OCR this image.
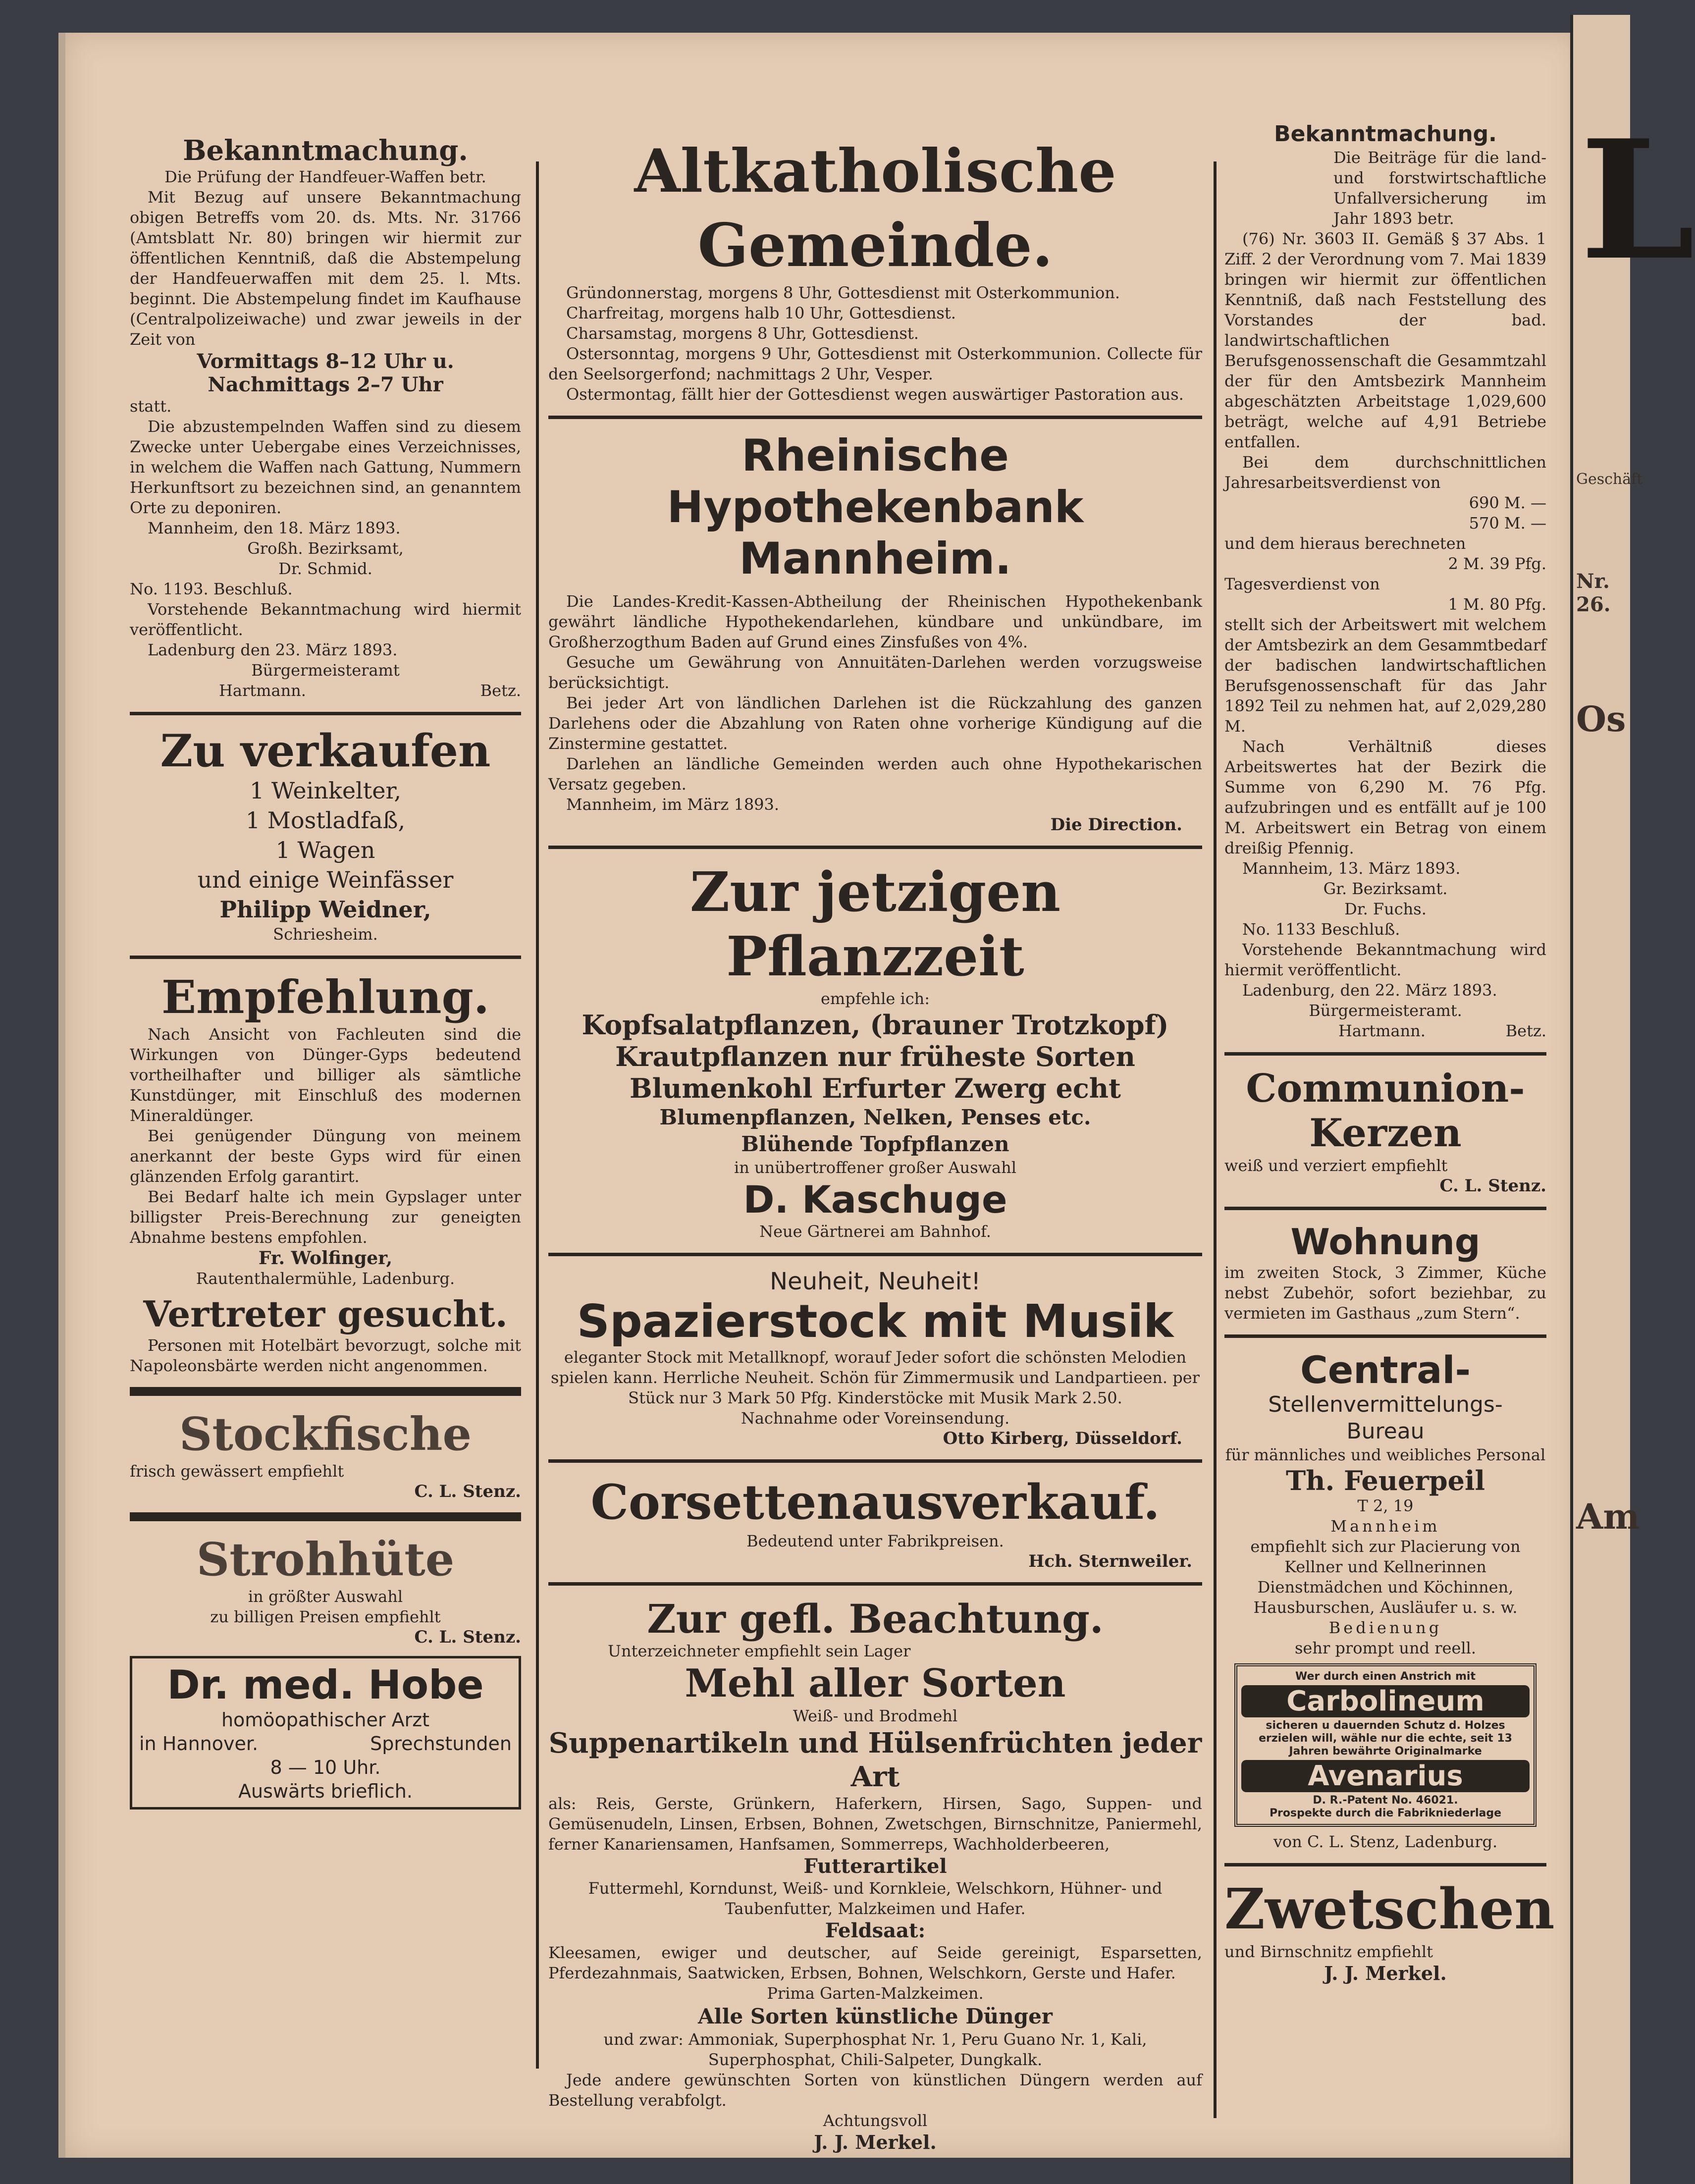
Bekanntmachung.

Die Prüfung der Handfeuer-Waffen betr.

Mit Bezug auf unsere Bekanntmachung obigen Betreffs vom 20. ds. Mts. Nr. 31766 (Amtsblatt Nr. 80) bringen wir hiermit zur öffentlichen Kenntniß, daß die Abstempelung der Handfeuerwaffen mit dem 25. l. Mts. beginnt. Die Abstempelung findet im Kaufhause (Centralpolizeiwache) und zwar jeweils in der Zeit von

Vormittags 8–12 Uhr u.

Nachmittags 2–7 Uhr

statt.

Die abzustempelnden Waffen sind zu diesem Zwecke unter Uebergabe eines Verzeichnisses, in welchem die Waffen nach Gattung, Nummern Herkunftsort zu bezeichnen sind, an genanntem Orte zu deponiren.

Mannheim, den 18. März 1893.

Großh. Bezirksamt,

Dr. Schmid.

No. 1193. Beschluß.

Vorstehende Bekanntmachung wird hiermit veröffentlicht.

Ladenburg den 23. März 1893.

Bürgermeisteramt

Hartmann.	Betz.

Zu verkaufen

1 Weinkelter,

1 Mostladfaß,

1 Wagen

und einige Weinfässer

Philipp Weidner,

Schriesheim.

Empfehlung.

Nach Ansicht von Fachleuten sind die Wirkungen von Dünger-Gyps bedeutend vortheilhafter und billiger als sämtliche Kunstdünger, mit Einschluß des modernen Mineraldünger.

Bei genügender Düngung von meinem anerkannt der beste Gyps wird für einen glänzenden Erfolg garantirt.

Bei Bedarf halte ich mein Gypslager unter billigster Preis-Berechnung zur geneigten Abnahme bestens empfohlen.

Fr. Wolfinger,

Rautenthalermühle, Ladenburg.

Vertreter gesucht.

Personen mit Hotelbärt bevorzugt, solche mit Napoleonsbärte werden nicht angenommen.

Stockfische

frisch gewässert empfiehlt

C. L. Stenz.

Strohhüte

in größter Auswahl

zu billigen Preisen empfiehlt

C. L. Stenz.

Dr. med. Hobe

homöopathischer Arzt

in Hannover.	Sprechstunden

8 — 10 Uhr.

Auswärts brieflich.

Altkatholische Gemeinde.

Gründonnerstag, morgens 8 Uhr, Gottesdienst mit Osterkommunion.

Charfreitag, morgens halb 10 Uhr, Gottesdienst.

Charsamstag, morgens 8 Uhr, Gottesdienst.

Ostersonntag, morgens 9 Uhr, Gottesdienst mit Osterkommunion. Collecte für den Seelsorgerfond; nachmittags 2 Uhr, Vesper.

Ostermontag, fällt hier der Gottesdienst wegen auswärtiger Pastoration aus.

Rheinische Hypothekenbank

Mannheim.

Die Landes-Kredit-Kassen-Abtheilung der Rheinischen Hypothekenbank gewährt ländliche Hypothekendarlehen, kündbare und unkündbare, im Großherzogthum Baden auf Grund eines Zinsfußes von 4%.

Gesuche um Gewährung von Annuitäten-Darlehen werden vorzugsweise berücksichtigt.

Bei jeder Art von ländlichen Darlehen ist die Rückzahlung des ganzen Darlehens oder die Abzahlung von Raten ohne vorherige Kündigung auf die Zinstermine gestattet.

Darlehen an ländliche Gemeinden werden auch ohne Hypothekarischen Versatz gegeben.

Mannheim, im März 1893.

Die Direction.

Zur jetzigen Pflanzzeit

empfehle ich:

Kopfsalatpflanzen, (brauner Trotzkopf)

Krautpflanzen nur früheste Sorten

Blumenkohl Erfurter Zwerg echt

Blumenpflanzen, Nelken, Penses etc.

Blühende Topfpflanzen

in unübertroffener großer Auswahl

D. Kaschuge

Neue Gärtnerei am Bahnhof.

Neuheit, Neuheit!

Spazierstock mit Musik

eleganter Stock mit Metallknopf, worauf Jeder sofort die schönsten Melodien spielen kann. Herrliche Neuheit. Schön für Zimmermusik und Landpartieen. per Stück nur 3 Mark 50 Pfg. Kinderstöcke mit Musik Mark 2.50.

Nachnahme oder Voreinsendung.

Otto Kirberg, Düsseldorf.

Corsettenausverkauf.

Bedeutend unter Fabrikpreisen.

Hch. Sternweiler.

Zur gefl. Beachtung.

Unterzeichneter empfiehlt sein Lager

Mehl aller Sorten

Weiß- und Brodmehl

Suppenartikeln und Hülsenfrüchten jeder Art

als: Reis, Gerste, Grünkern, Haferkern, Hirsen, Sago, Suppen- und Gemüsenudeln, Linsen, Erbsen, Bohnen, Zwetschgen, Birnschnitze, Paniermehl, ferner Kanariensamen, Hanfsamen, Sommerreps, Wachholderbeeren,

Futterartikel

Futtermehl, Korndunst, Weiß- und Kornkleie, Welschkorn, Hühner- und Taubenfutter, Malzkeimen und Hafer.

Feldsaat:

Kleesamen, ewiger und deutscher, auf Seide gereinigt, Esparsetten, Pferdezahnmais, Saatwicken, Erbsen, Bohnen, Welschkorn, Gerste und Hafer.

Prima Garten-Malzkeimen.

Alle Sorten künstliche Dünger

und zwar: Ammoniak, Superphosphat Nr. 1, Peru Guano Nr. 1, Kali, Superphosphat, Chili-Salpeter, Dungkalk.

Jede andere gewünschten Sorten von künstlichen Düngern werden auf Bestellung verabfolgt.

Achtungsvoll

J. J. Merkel.

Bekanntmachung.

Die Beiträge für die land- und forstwirtschaftliche Unfallversicherung im Jahr 1893 betr.

(76) Nr. 3603 II. Gemäß § 37 Abs. 1 Ziff. 2 der Verordnung vom 7. Mai 1839 bringen wir hiermit zur öffentlichen Kenntniß, daß nach Feststellung des Vorstandes der bad. landwirtschaftlichen Berufsgenossenschaft die Gesammtzahl der für den Amtsbezirk Mannheim abgeschätzten Arbeitstage 1,029,600 beträgt, welche auf 4,91 Betriebe entfallen.

Bei dem durchschnittlichen Jahresarbeitsverdienst von

690 M. —

570 M. —

und dem hieraus berechneten

2 M. 39 Pfg.

Tagesverdienst von

1 M. 80 Pfg.

stellt sich der Arbeitswert mit welchem der Amtsbezirk an dem Gesammtbedarf der badischen landwirtschaftlichen Berufsgenossenschaft für das Jahr 1892 Teil zu nehmen hat, auf 2,029,280 M.

Nach Verhältniß dieses Arbeitswertes hat der Bezirk die Summe von 6,290 M. 76 Pfg. aufzubringen und es entfällt auf je 100 M. Arbeitswert ein Betrag von einem dreißig Pfennig.

Mannheim, 13. März 1893.

Gr. Bezirksamt.

Dr. Fuchs.

No. 1133 Beschluß.

Vorstehende Bekanntmachung wird hiermit veröffentlicht.

Ladenburg, den 22. März 1893.

Bürgermeisteramt.

Hartmann.	Betz.

Communion-

Kerzen

weiß und verziert empfiehlt

C. L. Stenz.

Wohnung

im zweiten Stock, 3 Zimmer, Küche nebst Zubehör, sofort beziehbar, zu vermieten im Gasthaus „zum Stern“.

Central-

Stellenvermittelungs-

Bureau

für männliches und weibliches Personal

Th. Feuerpeil

T 2, 19

Mannheim

empfiehlt sich zur Placierung von Kellner und Kellnerinnen Dienstmädchen und Köchinnen, Hausburschen, Ausläufer u. s. w.

Bedienung

sehr prompt und reell.

Wer durch einen Anstrich mit

Carbolineum

sicheren u dauernden Schutz d. Holzes erzielen will, wähle nur die echte, seit 13 Jahren bewährte Originalmarke

Avenarius

D. R.-Patent No. 46021.

Prospekte durch die Fabrikniederlage

von C. L. Stenz, Ladenburg.

Zwetschen

und Birnschnitz empfiehlt

J. J. Merkel.

L
Geschäft
Nr. 26.
Os
Am
